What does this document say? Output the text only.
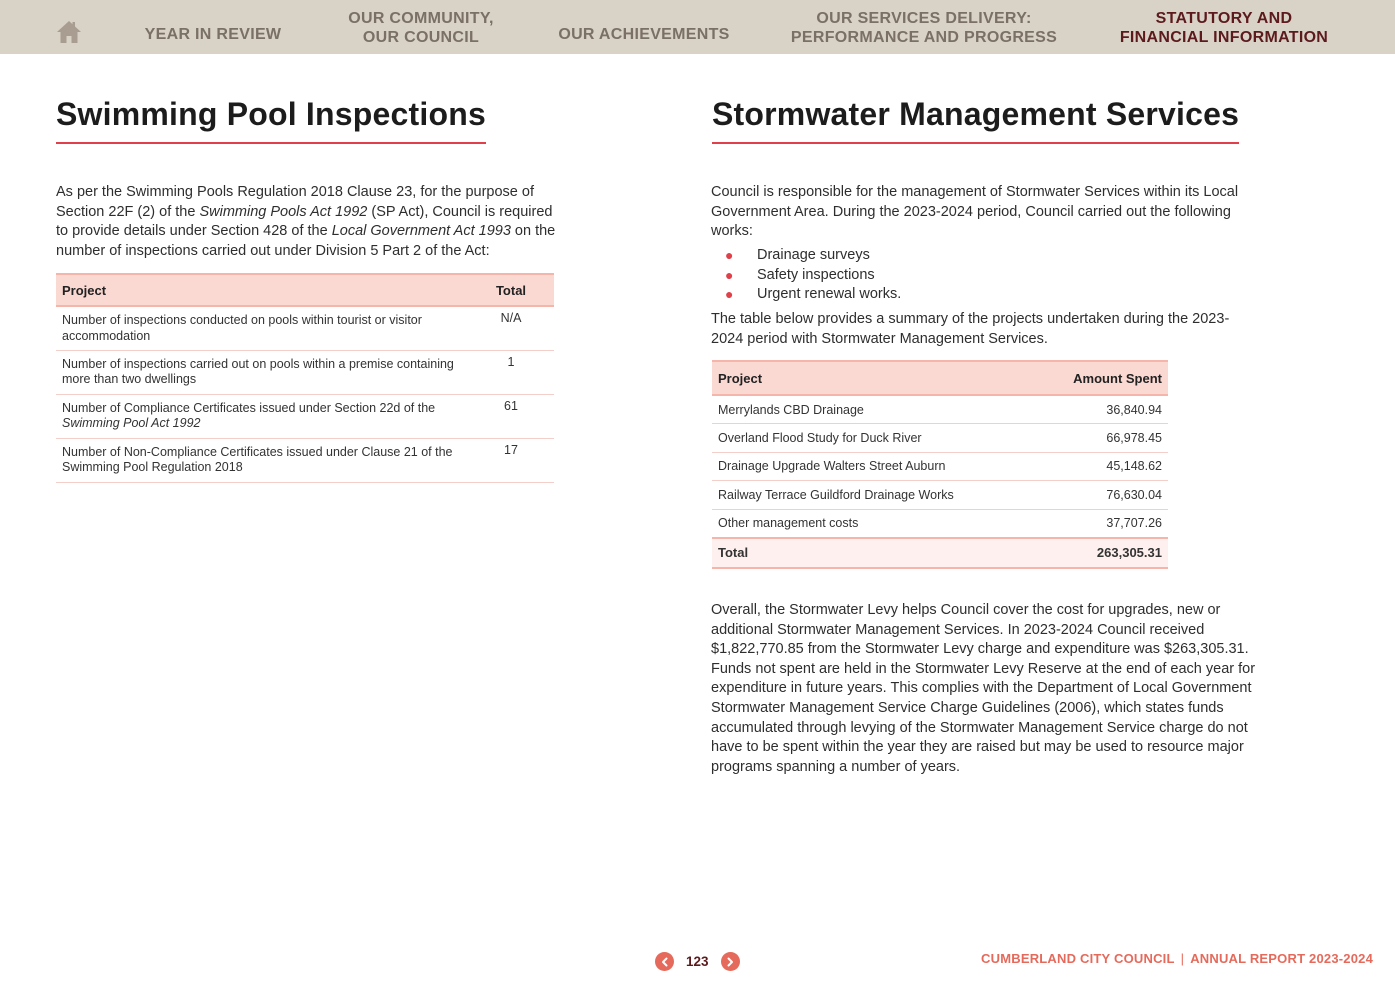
YEAR IN REVIEW
OUR COMMUNITY,
OUR COUNCIL	OUR ACHIEVEMENTS
OUR SERVICES DELIVERY:
PERFORMANCE AND PROGRESS
STATUTORY AND
FINANCIAL INFORMATION
Swimming Pool Inspections

As per the Swimming Pools Regulation 2018 Clause 23, for the purpose of Section 22F (2) of the Swimming Pools Act 1992 (SP Act), Council is required to provide details under Section 428 of the Local Government Act 1993 on the number of inspections carried out under Division 5 Part 2 of the Act:

Project	Total
Number of inspections conducted on pools within tourist or visitor accommodation	N/A
Number of inspections carried out on pools within a premise containing more than two dwellings	1
Number of Compliance Certificates issued under Section 22d of the Swimming Pool Act 1992	61
Number of Non-Compliance Certificates issued under Clause 21 of the Swimming Pool Regulation 2018	17
Stormwater Management Services

Council is responsible for the management of Stormwater Services within its Local Government Area. During the 2023-2024 period, Council carried out the following works:

● Drainage surveys
● Safety inspections
● Urgent renewal works.

The table below provides a summary of the projects undertaken during the 2023-2024 period with Stormwater Management Services.

Project	Amount Spent
Merrylands CBD Drainage	36,840.94
Overland Flood Study for Duck River	66,978.45
Drainage Upgrade Walters Street Auburn	45,148.62
Railway Terrace Guildford Drainage Works	76,630.04
Other management costs	37,707.26
Total	263,305.31

Overall, the Stormwater Levy helps Council cover the cost for upgrades, new or additional Stormwater Management Services. In 2023-2024 Council received $1,822,770.85 from the Stormwater Levy charge and expenditure was $263,305.31. Funds not spent are held in the Stormwater Levy Reserve at the end of each year for expenditure in future years. This complies with the Department of Local Government Stormwater Management Service Charge Guidelines (2006), which states funds accumulated through levying of the Stormwater Management Service charge do not have to be spent within the year they are raised but may be used to resource major programs spanning a number of years.

123	CUMBERLAND CITY COUNCIL | ANNUAL REPORT 2023-2024
